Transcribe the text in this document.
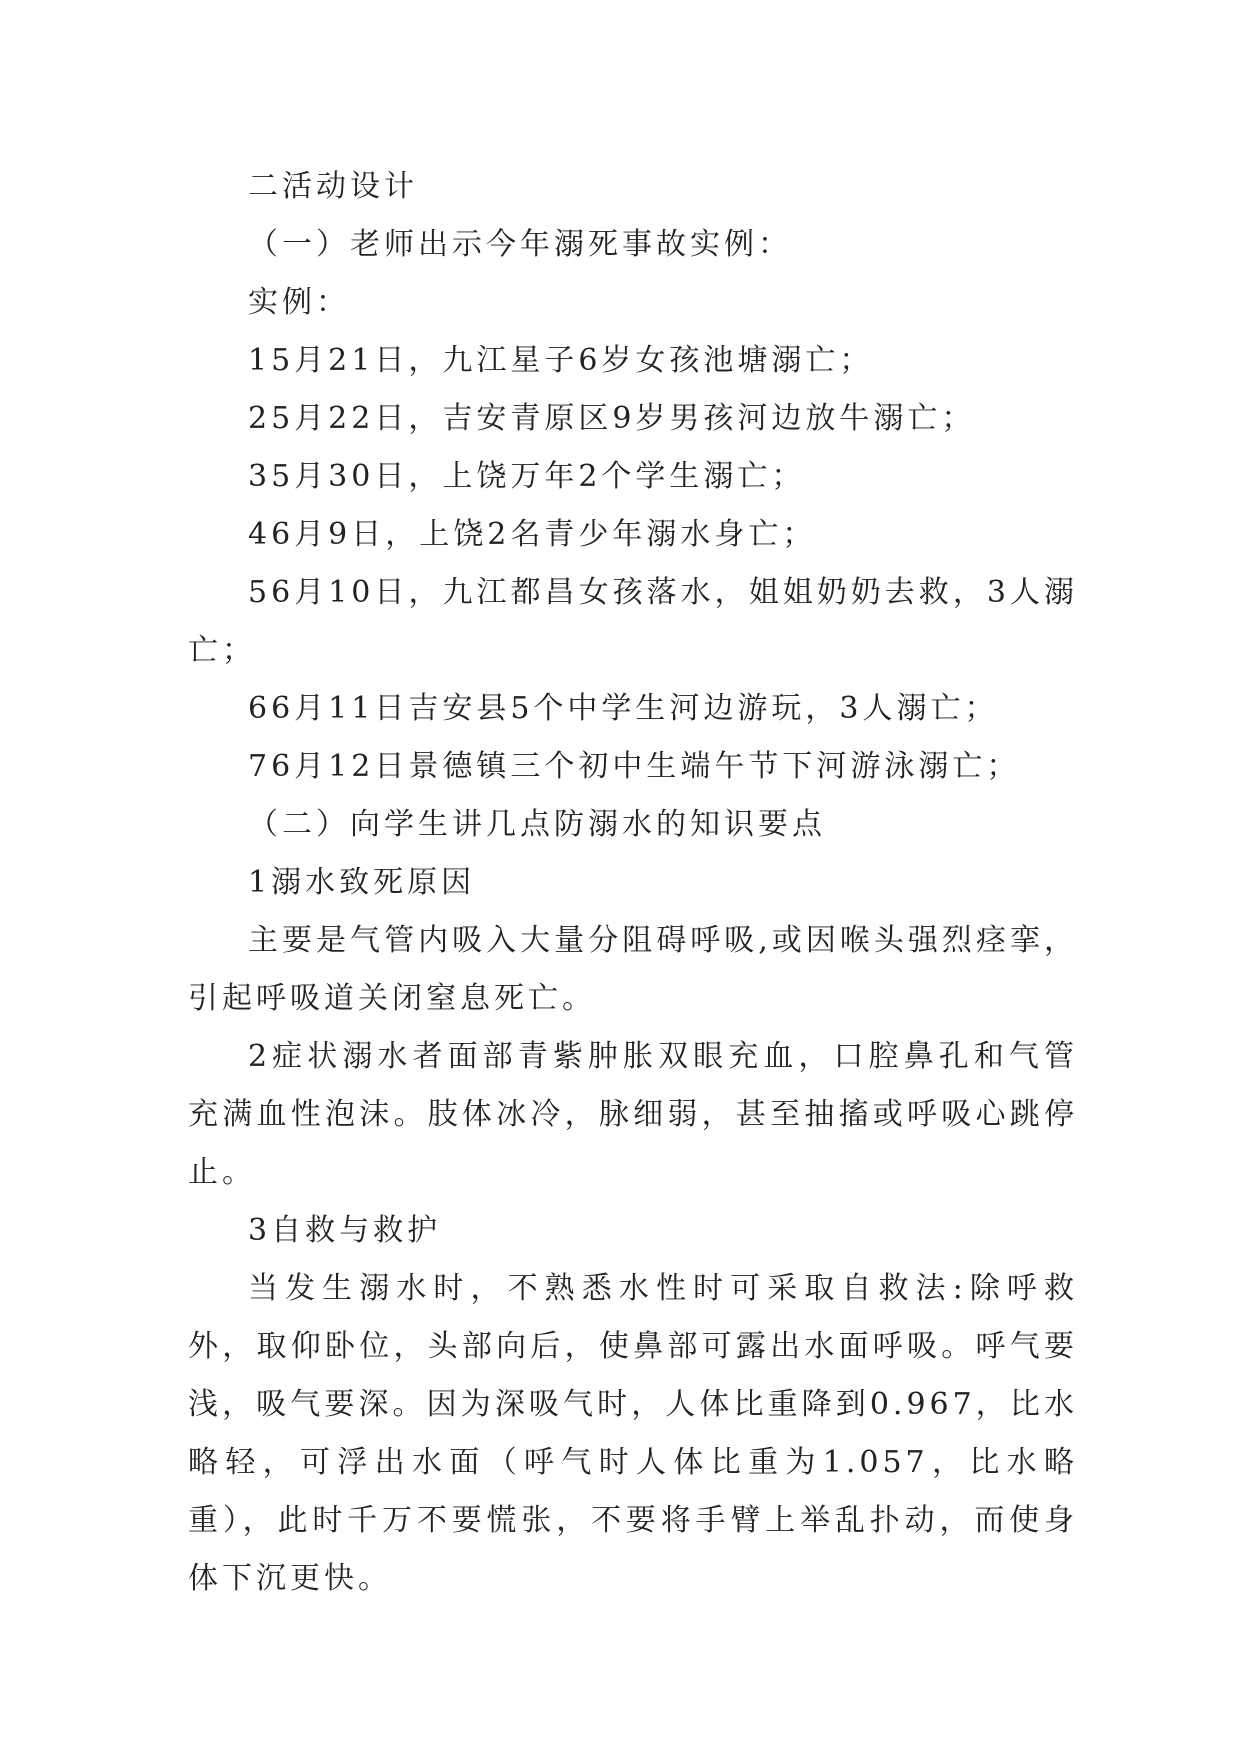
二活动设计

（一）老师出示今年溺死事故实例：

实例：

15月21日，九江星子6岁女孩池塘溺亡；

25月22日，吉安青原区9岁男孩河边放牛溺亡；

35月30日，上饶万年2个学生溺亡；

46月9日，上饶2名青少年溺水身亡；

56月10日，九江都昌女孩落水，姐姐奶奶去救，3人溺亡；

66月11日吉安县5个中学生河边游玩，3人溺亡；

76月12日景德镇三个初中生端午节下河游泳溺亡；

（二）向学生讲几点防溺水的知识要点

1溺水致死原因

主要是气管内吸入大量分阻碍呼吸,或因喉头强烈痉挛，引起呼吸道关闭窒息死亡。

2症状溺水者面部青紫肿胀双眼充血，口腔鼻孔和气管充满血性泡沫。肢体冰冷，脉细弱，甚至抽搐或呼吸心跳停止。

3自救与救护

当发生溺水时，不熟悉水性时可采取自救法:除呼救外，取仰卧位，头部向后，使鼻部可露出水面呼吸。呼气要浅，吸气要深。因为深吸气时，人体比重降到0.967，比水略轻，可浮出水面（呼气时人体比重为1.057，比水略重），此时千万不要慌张，不要将手臂上举乱扑动，而使身体下沉更快。
